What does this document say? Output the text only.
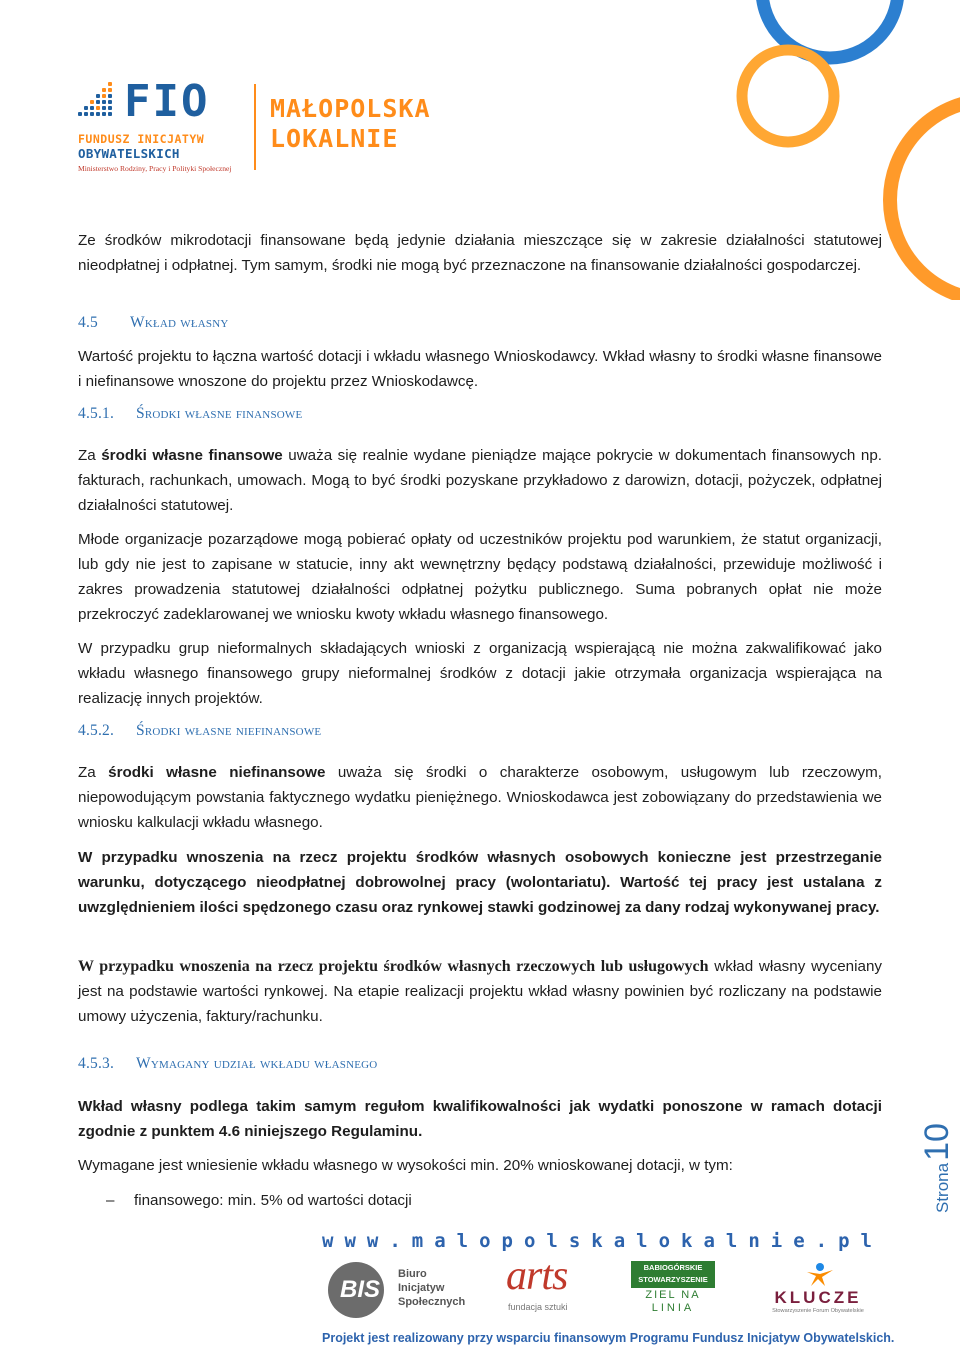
FIO
FUNDUSZ INICJATYW
OBYWATELSKICH
Ministerstwo Rodziny, Pracy i Polityki Społecznej
MAŁOPOLSKA
LOKALNIE
Ze środków mikrodotacji finansowane będą jedynie działania mieszczące się w zakresie działalności statutowej nieodpłatnej i odpłatnej. Tym samym, środki nie mogą być przeznaczone na finansowanie działalności gospodarczej.
4.5 Wkład własny
Wartość projektu to łączna wartość dotacji i wkładu własnego Wnioskodawcy. Wkład własny to środki własne finansowe i niefinansowe wnoszone do projektu przez Wnioskodawcę.
4.5.1. Środki własne finansowe
Za środki własne finansowe uważa się realnie wydane pieniądze mające pokrycie w dokumentach finansowych np. fakturach, rachunkach, umowach. Mogą to być środki pozyskane przykładowo z darowizn, dotacji, pożyczek, odpłatnej działalności statutowej.
Młode organizacje pozarządowe mogą pobierać opłaty od uczestników projektu pod warunkiem, że statut organizacji, lub gdy nie jest to zapisane w statucie, inny akt wewnętrzny będący podstawą działalności, przewiduje możliwość i zakres prowadzenia statutowej działalności odpłatnej pożytku publicznego. Suma pobranych opłat nie może przekroczyć zadeklarowanej we wniosku kwoty wkładu własnego finansowego.
W przypadku grup nieformalnych składających wnioski z organizacją wspierającą nie można zakwalifikować jako wkładu własnego finansowego grupy nieformalnej środków z dotacji jakie otrzymała organizacja wspierająca na realizację innych projektów.
4.5.2. Środki własne niefinansowe
Za środki własne niefinansowe uważa się środki o charakterze osobowym, usługowym lub rzeczowym, niepowodującym powstania faktycznego wydatku pieniężnego. Wnioskodawca jest zobowiązany do przedstawienia we wniosku kalkulacji wkładu własnego.
W przypadku wnoszenia na rzecz projektu środków własnych osobowych konieczne jest przestrzeganie warunku, dotyczącego nieodpłatnej dobrowolnej pracy (wolontariatu). Wartość tej pracy jest ustalana z uwzględnieniem ilości spędzonego czasu oraz rynkowej stawki godzinowej za dany rodzaj wykonywanej pracy.
W przypadku wnoszenia na rzecz projektu środków własnych rzeczowych lub usługowych wkład własny wyceniany jest na podstawie wartości rynkowej. Na etapie realizacji projektu wkład własny powinien być rozliczany na podstawie umowy użyczenia, faktury/rachunku.
4.5.3. Wymagany udział wkładu własnego
Wkład własny podlega takim samym regułom kwalifikowalności jak wydatki ponoszone w ramach dotacji zgodnie z punktem 4.6 niniejszego Regulaminu.
Wymagane jest wniesienie wkładu własnego w wysokości min. 20% wnioskowanej dotacji, w tym:
– finansowego: min. 5% od wartości dotacji	Strona10
www.malopolskalokalnie.pl
BIS
Biuro
Inicjatyw
Społecznych
arts
fundacja sztuki
BABIOGÓRSKIE
STOWARZYSZENIE
ZIEL NA
LINIA
KLUCZE
Stowarzyszenie Forum Obywatelskie
Projekt jest realizowany przy wsparciu finansowym Programu Fundusz Inicjatyw Obywatelskich.
